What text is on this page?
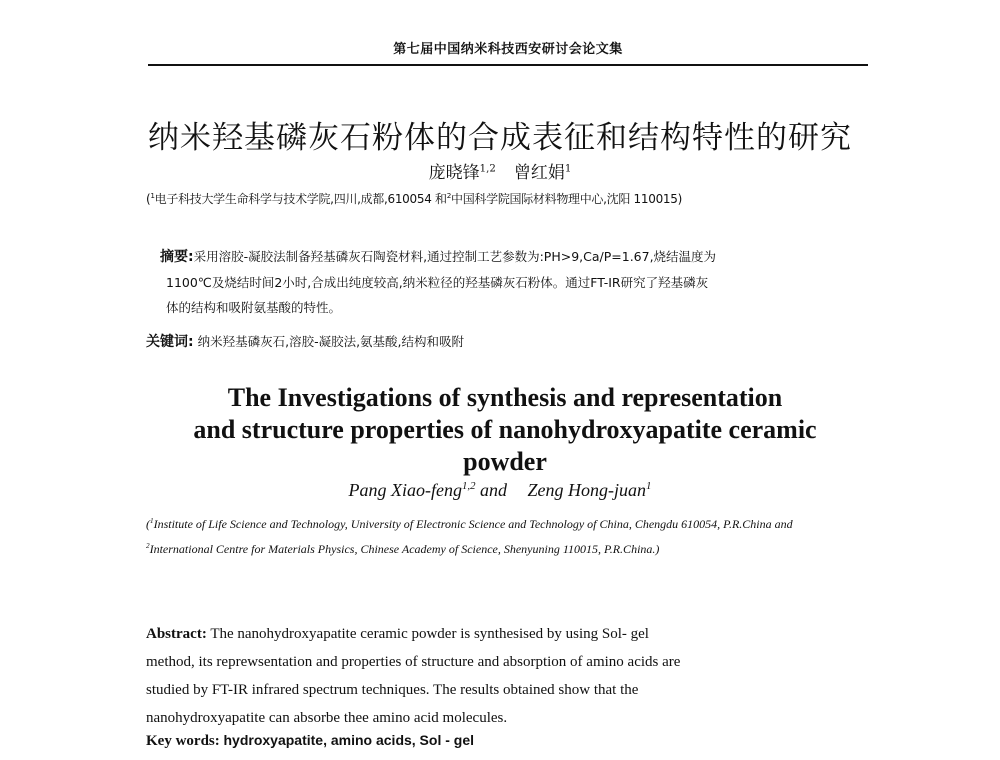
第七届中国纳米科技西安研讨会论文集
纳米羟基磷灰石粉体的合成表征和结构特性的研究
庞晓锋$^{1,2}$ 曾红娟$^1$
($^1$电子科技大学生命科学与技术学院,四川,成都,610054 和$^2$中国科学院国际材料物理中心,沈阳 110015)
摘要:采用溶胶-凝胶法制备羟基磷灰石陶瓷材料,通过控制工艺参数为:PH>9,Ca/P=1.67,烧结温度为
1100℃及烧结时间2小时,合成出纯度较高,纳米粒径的羟基磷灰石粉体。通过FT-IR研究了羟基磷灰
体的结构和吸附氨基酸的特性。
关键词: 纳米羟基磷灰石,溶胶-凝胶法,氨基酸,结构和吸附
The Investigations of synthesis and representation
and structure properties of nanohydroxyapatite ceramic
powder
Pang Xiao-feng$^{1,2}$ and Zeng Hong-juan$^1$
($^1$Institute of Life Science and Technology, University of Electronic Science and Technology of China, Chengdu 610054, P.R.China and $^2$International Centre for Materials Physics, Chinese Academy of Science, Shenyuning 110015, P.R.China.)
Abstract: The nanohydroxyapatite ceramic powder is synthesised by using Sol- gel
method, its reprewsentation and properties of structure and absorption of amino acids are
studied by FT-IR infrared spectrum techniques. The results obtained show that the
nanohydroxyapatite can absorbe thee amino acid molecules.
Key words: hydroxyapatite, amino acids, Sol - gel
